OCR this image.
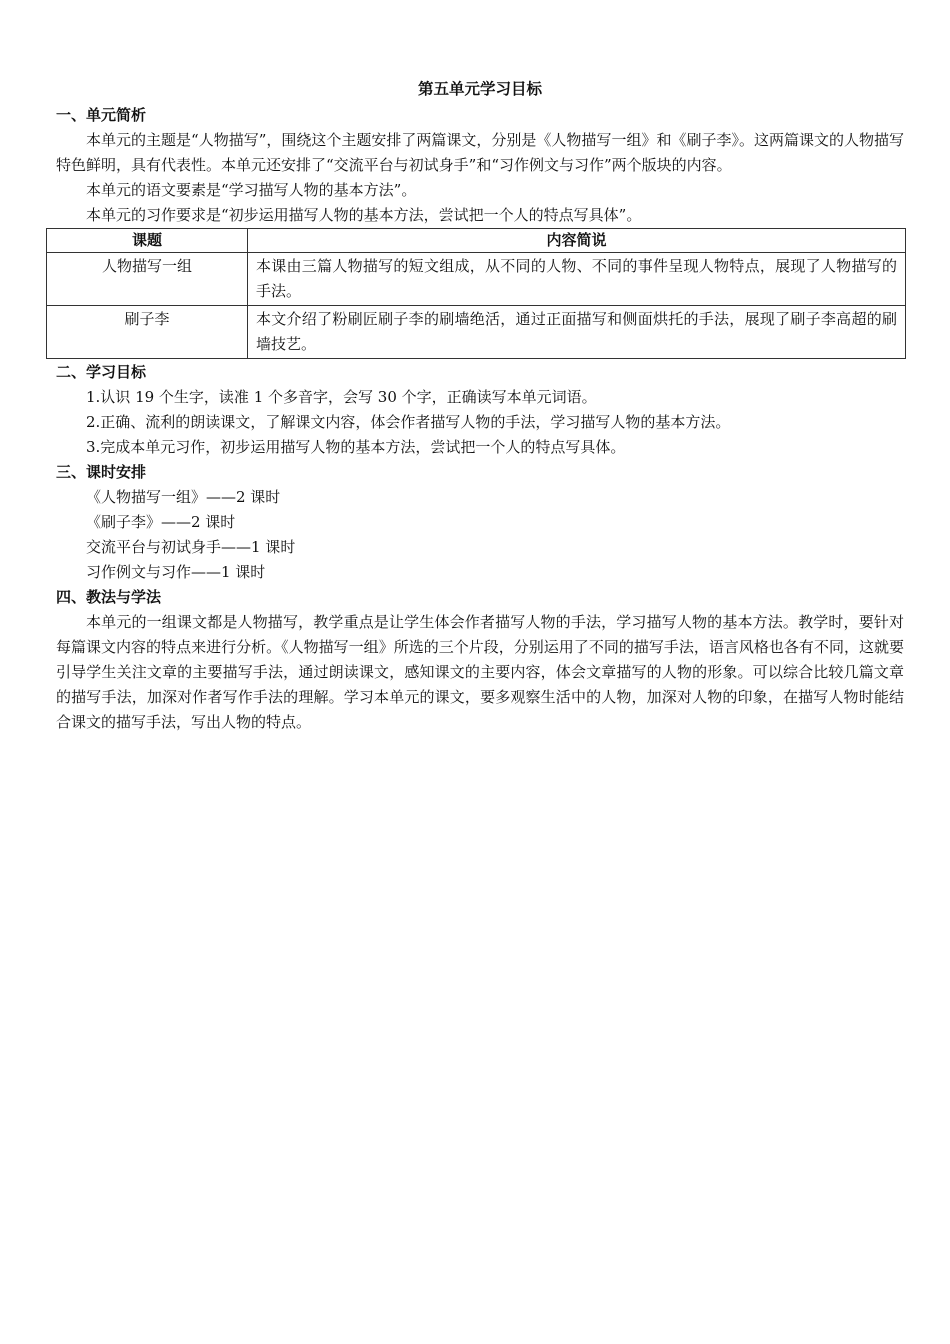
第五单元学习目标
一、单元简析

本单元的主题是“人物描写”，围绕这个主题安排了两篇课文，分别是《人物描写一组》和《刷子李》。这两篇课文的人物描写特色鲜明，具有代表性。本单元还安排了“交流平台与初试身手”和“习作例文与习作”两个版块的内容。

本单元的语文要素是“学习描写人物的基本方法”。

本单元的习作要求是“初步运用描写人物的基本方法，尝试把一个人的特点写具体”。

课题	内容简说
人物描写一组	本课由三篇人物描写的短文组成，从不同的人物、不同的事件呈现人物特点，展现了人物描写的手法。
刷子李	本文介绍了粉刷匠刷子李的刷墙绝活，通过正面描写和侧面烘托的手法，展现了刷子李高超的刷墙技艺。
二、学习目标

1.认识 19 个生字，读准 1 个多音字，会写 30 个字，正确读写本单元词语。

2.正确、流利的朗读课文，了解课文内容，体会作者描写人物的手法，学习描写人物的基本方法。

3.完成本单元习作，初步运用描写人物的基本方法，尝试把一个人的特点写具体。

三、课时安排

《人物描写一组》——2 课时

《刷子李》——2 课时

交流平台与初试身手——1 课时

习作例文与习作——1 课时

四、教法与学法

本单元的一组课文都是人物描写，教学重点是让学生体会作者描写人物的手法，学习描写人物的基本方法。教学时，要针对每篇课文内容的特点来进行分析。《人物描写一组》所选的三个片段，分别运用了不同的描写手法，语言风格也各有不同，这就要引导学生关注文章的主要描写手法，通过朗读课文，感知课文的主要内容，体会文章描写的人物的形象。可以综合比较几篇文章的描写手法，加深对作者写作手法的理解。学习本单元的课文，要多观察生活中的人物，加深对人物的印象，在描写人物时能结合课文的描写手法，写出人物的特点。
